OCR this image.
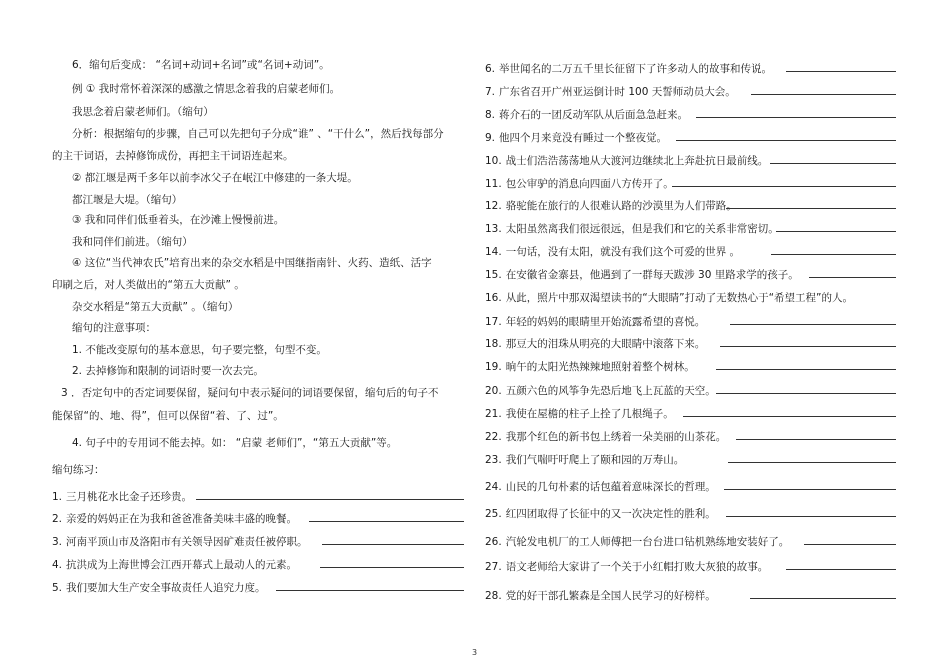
6．缩句后变成： “名词+动词+名词”或“名词+动词”。
例 ① 我时常怀着深深的感激之情思念着我的启蒙老师们。
我思念着启蒙老师们。（缩句）
分析：根据缩句的步骤，自己可以先把句子分成“谁” 、“干什么”，然后找每部分
的主干词语，去掉修饰成份，再把主干词语连起来。
② 都江堰是两千多年以前李冰父子在岷江中修建的一条大堤。
都江堰是大堤。（缩句）
③ 我和同伴们低垂着头，在沙滩上慢慢前进。
我和同伴们前进。（缩句）
④ 这位“当代神农氏”培育出来的杂交水稻是中国继指南针、火药、造纸、活字
印刷之后，对人类做出的“第五大贡献” 。
杂交水稻是“第五大贡献” 。（缩句）
缩句的注意事项：
1. 不能改变原句的基本意思，句子要完整，句型不变。
2. 去掉修饰和限制的词语时要一次去完。
3 ．否定句中的否定词要保留，疑问句中表示疑问的词语要保留，缩句后的句子不
能保留“的、地、得”，但可以保留“着、了、过”。
4. 句子中的专用词不能去掉。如： “启蒙 老师们”，“第五大贡献”等。
缩句练习：
1. 三月桃花水比金子还珍贵。
2. 亲爱的妈妈正在为我和爸爸准备美味丰盛的晚餐。
3. 河南平顶山市及洛阳市有关领导因矿难责任被停职。
4. 抗洪成为上海世博会江西开幕式上最动人的元素。
5. 我们要加大生产安全事故责任人追究力度。
6. 举世闻名的二万五千里长征留下了许多动人的故事和传说。
7. 广东省召开广州亚运倒计时 100 天誓师动员大会。
8. 蒋介石的一团反动军队从后面急急赶来。
9. 他四个月来竟没有睡过一个整夜觉。
10. 战士们浩浩荡荡地从大渡河边继续北上奔赴抗日最前线。
11. 包公审驴的消息向四面八方传开了。
12. 骆驼能在旅行的人很难认路的沙漠里为人们带路。
13. 太阳虽然离我们很远很远，但是我们和它的关系非常密切。
14. 一句话，没有太阳，就没有我们这个可爱的世界 。
15. 在安徽省金寨县，他遇到了一群每天跋涉 30 里路求学的孩子。
16. 从此，照片中那双渴望读书的“大眼睛”打动了无数热心于“希望工程”的人。
17. 年轻的妈妈的眼睛里开始流露希望的喜悦。
18. 那豆大的泪珠从明亮的大眼睛中滚落下来。
19. 晌午的太阳光热辣辣地照射着整个树林。
20. 五颜六色的风筝争先恐后地飞上瓦蓝的天空。
21. 我使在屋檐的柱子上拴了几根绳子。
22. 我那个红色的新书包上绣着一朵美丽的山茶花。
23. 我们气喘吁吁爬上了颐和园的万寿山。
24. 山民的几句朴素的话包蕴着意味深长的哲理。
25. 红四团取得了长征中的又一次决定性的胜利。
26. 汽轮发电机厂的工人师傅把一台台进口钻机熟练地安装好了。
27. 语文老师给大家讲了一个关于小红帽打败大灰狼的故事。
28. 党的好干部孔繁森是全国人民学习的好榜样。
3
